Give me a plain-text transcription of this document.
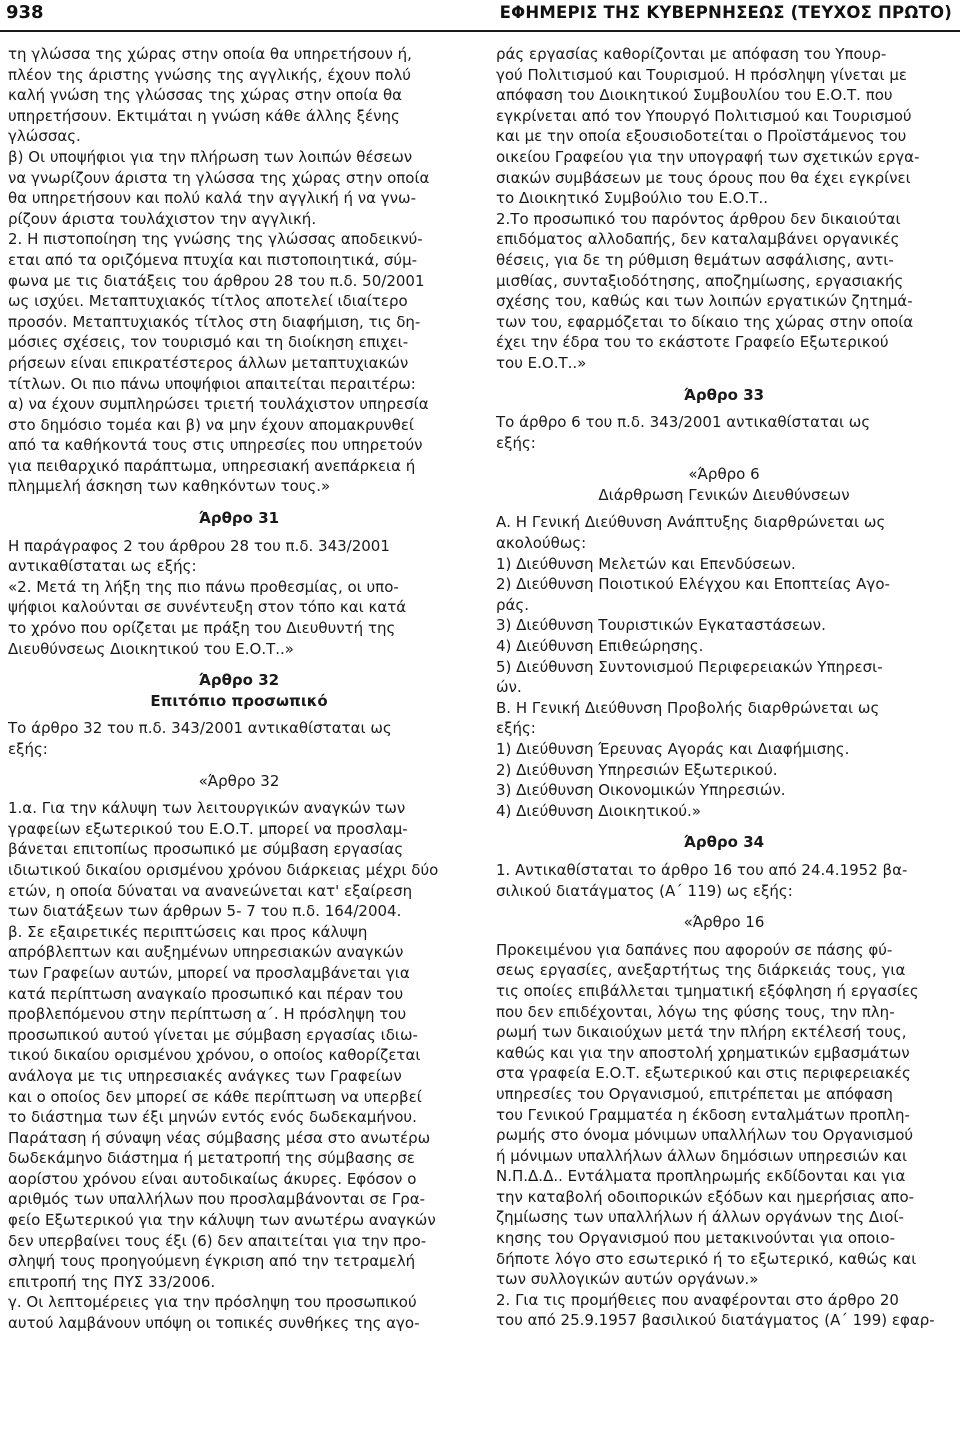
938	ΕΦΗΜΕΡΙΣ ΤΗΣ ΚΥΒΕΡΝΗΣΕΩΣ (ΤΕΥΧΟΣ ΠΡΩΤΟ)
τη γλώσσα της χώρας στην οποία θα υπηρετήσουν ή,
πλέον της άριστης γνώσης της αγγλικής, έχουν πολύ
καλή γνώση της γλώσσας της χώρας στην οποία θα
υπηρετήσουν. Εκτιμάται η γνώση κάθε άλλης ξένης
γλώσσας.
β) Οι υποψήφιοι για την πλήρωση των λοιπών θέσεων
να γνωρίζουν άριστα τη γλώσσα της χώρας στην οποία
θα υπηρετήσουν και πολύ καλά την αγγλική ή να γνω-
ρίζουν άριστα τουλάχιστον την αγγλική.
2. Η πιστοποίηση της γνώσης της γλώσσας αποδεικνύ-
εται από τα οριζόμενα πτυχία και πιστοποιητικά, σύμ-
φωνα με τις διατάξεις του άρθρου 28 του π.δ. 50/2001
ως ισχύει. Μεταπτυχιακός τίτλος αποτελεί ιδιαίτερο
προσόν. Μεταπτυχιακός τίτλος στη διαφήμιση, τις δη-
μόσιες σχέσεις, τον τουρισμό και τη διοίκηση επιχει-
ρήσεων είναι επικρατέστερος άλλων μεταπτυχιακών
τίτλων. Οι πιο πάνω υποψήφιοι απαιτείται περαιτέρω:
α) να έχουν συμπληρώσει τριετή τουλάχιστον υπηρεσία
στο δημόσιο τομέα και β) να μην έχουν απομακρυνθεί
από τα καθήκοντά τους στις υπηρεσίες που υπηρετούν
για πειθαρχικό παράπτωμα, υπηρεσιακή ανεπάρκεια ή
πλημμελή άσκηση των καθηκόντων τους.»
Άρθρο 31
Η παράγραφος 2 του άρθρου 28 του π.δ. 343/2001
αντικαθίσταται ως εξής:
«2. Μετά τη λήξη της πιο πάνω προθεσμίας, οι υπο-
ψήφιοι καλούνται σε συνέντευξη στον τόπο και κατά
το χρόνο που ορίζεται με πράξη του Διευθυντή της
Διευθύνσεως Διοικητικού του Ε.Ο.Τ..»
Άρθρο 32
Επιτόπιο προσωπικό
Το άρθρο 32 του π.δ. 343/2001 αντικαθίσταται ως
εξής:
«Άρθρο 32
1.α. Για την κάλυψη των λειτουργικών αναγκών των
γραφείων εξωτερικού του Ε.Ο.Τ. μπορεί να προσλαμ-
βάνεται επιτοπίως προσωπικό με σύμβαση εργασίας
ιδιωτικού δικαίου ορισμένου χρόνου διάρκειας μέχρι δύο
ετών, η οποία δύναται να ανανεώνεται κατ' εξαίρεση
των διατάξεων των άρθρων 5- 7 του π.δ. 164/2004.
β. Σε εξαιρετικές περιπτώσεις και προς κάλυψη
απρόβλεπτων και αυξημένων υπηρεσιακών αναγκών
των Γραφείων αυτών, μπορεί να προσλαμβάνεται για
κατά περίπτωση αναγκαίο προσωπικό και πέραν του
προβλεπόμενου στην περίπτωση α΄. Η πρόσληψη του
προσωπικού αυτού γίνεται με σύμβαση εργασίας ιδιω-
τικού δικαίου ορισμένου χρόνου, ο οποίος καθορίζεται
ανάλογα με τις υπηρεσιακές ανάγκες των Γραφείων
και ο οποίος δεν μπορεί σε κάθε περίπτωση να υπερβεί
το διάστημα των έξι μηνών εντός ενός δωδεκαμήνου.
Παράταση ή σύναψη νέας σύμβασης μέσα στο ανωτέρω
δωδεκάμηνο διάστημα ή μετατροπή της σύμβασης σε
αορίστου χρόνου είναι αυτοδικαίως άκυρες. Εφόσον ο
αριθμός των υπαλλήλων που προσλαμβάνονται σε Γρα-
φείο Εξωτερικού για την κάλυψη των ανωτέρω αναγκών
δεν υπερβαίνει τους έξι (6) δεν απαιτείται για την προ-
σληψή τους προηγούμενη έγκριση από την τετραμελή
επιτροπή της ΠΥΣ 33/2006.
γ. Οι λεπτομέρειες για την πρόσληψη του προσωπικού
αυτού λαμβάνουν υπόψη οι τοπικές συνθήκες της αγο-
ράς εργασίας καθορίζονται με απόφαση του Υπουρ-
γού Πολιτισμού και Τουρισμού. Η πρόσληψη γίνεται με
απόφαση του Διοικητικού Συμβουλίου του Ε.Ο.Τ. που
εγκρίνεται από τον Υπουργό Πολιτισμού και Τουρισμού
και με την οποία εξουσιοδοτείται ο Προϊστάμενος του
οικείου Γραφείου για την υπογραφή των σχετικών εργα-
σιακών συμβάσεων με τους όρους που θα έχει εγκρίνει
το Διοικητικό Συμβούλιο του Ε.Ο.Τ..
2.Το προσωπικό του παρόντος άρθρου δεν δικαιούται
επιδόματος αλλοδαπής, δεν καταλαμβάνει οργανικές
θέσεις, για δε τη ρύθμιση θεμάτων ασφάλισης, αντι-
μισθίας, συνταξιοδότησης, αποζημίωσης, εργασιακής
σχέσης του, καθώς και των λοιπών εργατικών ζητημά-
των του, εφαρμόζεται το δίκαιο της χώρας στην οποία
έχει την έδρα του το εκάστοτε Γραφείο Εξωτερικού
του Ε.Ο.Τ..»
Άρθρο 33
Το άρθρο 6 του π.δ. 343/2001 αντικαθίσταται ως
εξής:
«Άρθρο 6
Διάρθρωση Γενικών Διευθύνσεων
Α. Η Γενική Διεύθυνση Ανάπτυξης διαρθρώνεται ως
ακολούθως:
1) Διεύθυνση Μελετών και Επενδύσεων.
2) Διεύθυνση Ποιοτικού Ελέγχου και Εποπτείας Αγο-
ράς.
3) Διεύθυνση Τουριστικών Εγκαταστάσεων.
4) Διεύθυνση Επιθεώρησης.
5) Διεύθυνση Συντονισμού Περιφερειακών Υπηρεσι-
ών.
Β. Η Γενική Διεύθυνση Προβολής διαρθρώνεται ως
εξής:
1) Διεύθυνση Έρευνας Αγοράς και Διαφήμισης.
2) Διεύθυνση Υπηρεσιών Εξωτερικού.
3) Διεύθυνση Οικονομικών Υπηρεσιών.
4) Διεύθυνση Διοικητικού.»
Άρθρο 34
1. Αντικαθίσταται το άρθρο 16 του από 24.4.1952 βα-
σιλικού διατάγματος (Α΄ 119) ως εξής:
«Άρθρο 16
Προκειμένου για δαπάνες που αφορούν σε πάσης φύ-
σεως εργασίες, ανεξαρτήτως της διάρκειάς τους, για
τις οποίες επιβάλλεται τμηματική εξόφληση ή εργασίες
που δεν επιδέχονται, λόγω της φύσης τους, την πλη-
ρωμή των δικαιούχων μετά την πλήρη εκτέλεσή τους,
καθώς και για την αποστολή χρηματικών εμβασμάτων
στα γραφεία Ε.Ο.Τ. εξωτερικού και στις περιφερειακές
υπηρεσίες του Οργανισμού, επιτρέπεται με απόφαση
του Γενικού Γραμματέα η έκδοση ενταλμάτων προπλη-
ρωμής στο όνομα μόνιμων υπαλλήλων του Οργανισμού
ή μόνιμων υπαλλήλων άλλων δημόσιων υπηρεσιών και
Ν.Π.Δ.Δ.. Εντάλματα προπληρωμής εκδίδονται και για
την καταβολή οδοιπορικών εξόδων και ημερήσιας απο-
ζημίωσης των υπαλλήλων ή άλλων οργάνων της Διοί-
κησης του Οργανισμού που μετακινούνται για οποιο-
δήποτε λόγο στο εσωτερικό ή το εξωτερικό, καθώς και
των συλλογικών αυτών οργάνων.»
2. Για τις προμήθειες που αναφέρονται στο άρθρο 20
του από 25.9.1957 βασιλικού διατάγματος (Α΄ 199) εφαρ-
